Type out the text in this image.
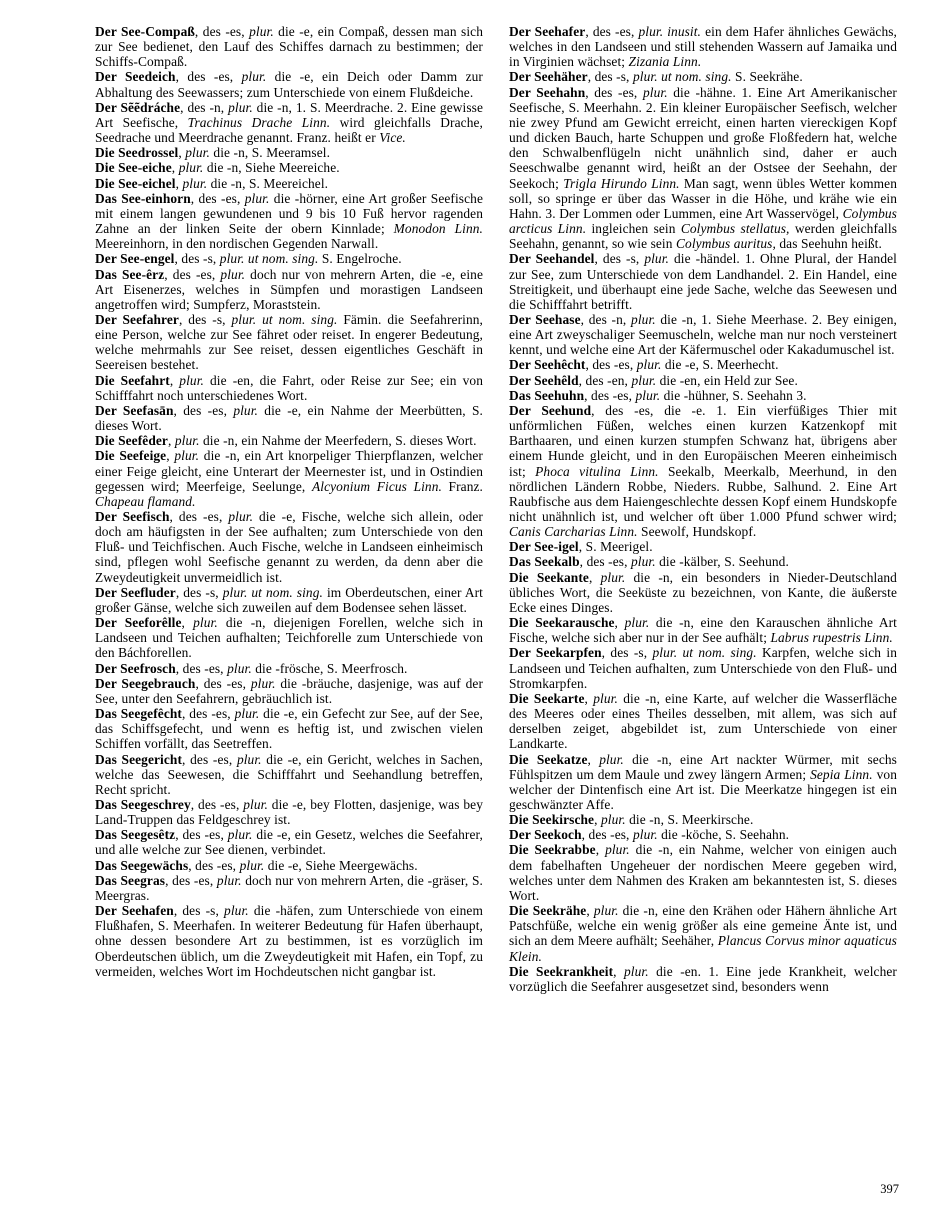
Der See-Compaß, des -es, plur. die -e, ein Compaß, dessen man sich zur See bedienet, den Lauf des Schiffes darnach zu bestimmen; der Schiffs-Compaß.

Der Seedeich, des -es, plur. die -e, ein Deich oder Damm zur Abhaltung des Seewassers; zum Unterschiede von einem Flußdeiche.

Der Sẽẽdráche, des -n, plur. die -n, 1. S. Meerdrache. 2. Eine gewisse Art Seefische, Trachinus Drache Linn. wird gleichfalls Drache, Seedrache und Meerdrache genannt. Franz. heißt er Vice.

Die Seedrossel, plur. die -n, S. Meeramsel.

Die See-eiche, plur. die -n, Siehe Meereiche.

Die See-eichel, plur. die -n, S. Meereichel.

Das See-einhorn, des -es, plur. die -hörner, eine Art großer Seefische mit einem langen gewundenen und 9 bis 10 Fuß hervor ragenden Zahne an der linken Seite der obern Kinnlade; Monodon Linn. Meereinhorn, in den nordischen Gegenden Narwall.

Der See-engel, des -s, plur. ut nom. sing. S. Engelroche.

Das See-êrz, des -es, plur. doch nur von mehrern Arten, die -e, eine Art Eisenerzes, welches in Sümpfen und morastigen Landseen angetroffen wird; Sumpferz, Moraststein.

Der Seefahrer, des -s, plur. ut nom. sing. Fämin. die Seefahrerinn, eine Person, welche zur See fähret oder reiset. In engerer Bedeutung, welche mehrmahls zur See reiset, dessen eigentliches Geschäft in Seereisen bestehet.

Die Seefahrt, plur. die -en, die Fahrt, oder Reise zur See; ein von Schifffahrt noch unterschiedenes Wort.

Der Seefasān, des -es, plur. die -e, ein Nahme der Meerbütten, S. dieses Wort.

Die Seefêder, plur. die -n, ein Nahme der Meerfedern, S. dieses Wort.

Die Seefeige, plur. die -n, ein Art knorpeliger Thierpflanzen, welcher einer Feige gleicht, eine Unterart der Meernester ist, und in Ostindien gegessen wird; Meerfeige, Seelunge, Alcyonium Ficus Linn. Franz. Chapeau flamand.

Der Seefisch, des -es, plur. die -e, Fische, welche sich allein, oder doch am häufigsten in der See aufhalten; zum Unterschiede von den Fluß- und Teichfischen. Auch Fische, welche in Landseen einheimisch sind, pflegen wohl Seefische genannt zu werden, da denn aber die Zweydeutigkeit unvermeidlich ist.

Der Seefluder, des -s, plur. ut nom. sing. im Oberdeutschen, einer Art großer Gänse, welche sich zuweilen auf dem Bodensee sehen lässet.

Der Seeforêlle, plur. die -n, diejenigen Forellen, welche sich in Landseen und Teichen aufhalten; Teichforelle zum Unterschiede von den Báchforellen.

Der Seefrosch, des -es, plur. die -frösche, S. Meerfrosch.

Der Seegebrauch, des -es, plur. die -bräuche, dasjenige, was auf der See, unter den Seefahrern, gebräuchlich ist.

Das Seegefêcht, des -es, plur. die -e, ein Gefecht zur See, auf der See, das Schiffsgefecht, und wenn es heftig ist, und zwischen vielen Schiffen vorfällt, das Seetreffen.

Das Seegericht, des -es, plur. die -e, ein Gericht, welches in Sachen, welche das Seewesen, die Schifffahrt und Seehandlung betreffen, Recht spricht.

Das Seegeschrey, des -es, plur. die -e, bey Flotten, dasjenige, was bey Land-Truppen das Feldgeschrey ist.

Das Seegesêtz, des -es, plur. die -e, ein Gesetz, welches die Seefahrer, und alle welche zur See dienen, verbindet.

Das Seegewächs, des -es, plur. die -e, Siehe Meergewächs.

Das Seegras, des -es, plur. doch nur von mehrern Arten, die -gräser, S. Meergras.

Der Seehafen, des -s, plur. die -häfen, zum Unterschiede von einem Flußhafen, S. Meerhafen. In weiterer Bedeutung für Hafen überhaupt, ohne dessen besondere Art zu bestimmen, ist es vorzüglich im Oberdeutschen üblich, um die Zweydeutigkeit mit Hafen, ein Topf, zu vermeiden, welches Wort im Hochdeutschen nicht gangbar ist.

Der Seehafer, des -es, plur. inusit. ein dem Hafer ähnliches Gewächs, welches in den Landseen und still stehenden Wassern auf Jamaika und in Virginien wächset; Zizania Linn.

Der Seehäher, des -s, plur. ut nom. sing. S. Seekrähe.

Der Seehahn, des -es, plur. die -hähne. 1. Eine Art Amerikanischer Seefische, S. Meerhahn. 2. Ein kleiner Europäischer Seefisch, welcher nie zwey Pfund am Gewicht erreicht, einen harten viereckigen Kopf und dicken Bauch, harte Schuppen und große Floßfedern hat, welche den Schwalbenflügeln nicht unähnlich sind, daher er auch Seeschwalbe genannt wird, heißt an der Ostsee der Seehahn, der Seekoch; Trigla Hirundo Linn. Man sagt, wenn übles Wetter kommen soll, so springe er über das Wasser in die Höhe, und krähe wie ein Hahn. 3. Der Lommen oder Lummen, eine Art Wasservögel, Colymbus arcticus Linn. ingleichen sein Colymbus stellatus, werden gleichfalls Seehahn, genannt, so wie sein Colymbus auritus, das Seehuhn heißt.

Der Seehandel, des -s, plur. die -händel. 1. Ohne Plural, der Handel zur See, zum Unterschiede von dem Landhandel. 2. Ein Handel, eine Streitigkeit, und überhaupt eine jede Sache, welche das Seewesen und die Schifffahrt betrifft.

Der Seehase, des -n, plur. die -n, 1. Siehe Meerhase. 2. Bey einigen, eine Art zweyschaliger Seemuscheln, welche man nur noch versteinert kennt, und welche eine Art der Käfermuschel oder Kakadumuschel ist.

Der Seehêcht, des -es, plur. die -e, S. Meerhecht.

Der Seehêld, des -en, plur. die -en, ein Held zur See.

Das Seehuhn, des -es, plur. die -hühner, S. Seehahn 3.

Der Seehund, des -es, die -e. 1. Ein vierfüßiges Thier mit unförmlichen Füßen, welches einen kurzen Katzenkopf mit Barthaaren, und einen kurzen stumpfen Schwanz hat, übrigens aber einem Hunde gleicht, und in den Europäischen Meeren einheimisch ist; Phoca vitulina Linn. Seekalb, Meerkalb, Meerhund, in den nördlichen Ländern Robbe, Nieders. Rubbe, Salhund. 2. Eine Art Raubfische aus dem Haiengeschlechte dessen Kopf einem Hundskopfe nicht unähnlich ist, und welcher oft über 1.000 Pfund schwer wird; Canis Carcharias Linn. Seewolf, Hundskopf.

Der See-igel, S. Meerigel.

Das Seekalb, des -es, plur. die -kälber, S. Seehund.

Die Seekante, plur. die -n, ein besonders in Nieder-Deutschland übliches Wort, die Seeküste zu bezeichnen, von Kante, die äußerste Ecke eines Dinges.

Die Seekarausche, plur. die -n, eine den Karauschen ähnliche Art Fische, welche sich aber nur in der See aufhält; Labrus rupestris Linn.

Der Seekarpfen, des -s, plur. ut nom. sing. Karpfen, welche sich in Landseen und Teichen aufhalten, zum Unterschiede von den Fluß- und Stromkarpfen.

Die Seekarte, plur. die -n, eine Karte, auf welcher die Wasserfläche des Meeres oder eines Theiles desselben, mit allem, was sich auf derselben zeiget, abgebildet ist, zum Unterschiede von einer Landkarte.

Die Seekatze, plur. die -n, eine Art nackter Würmer, mit sechs Fühlspitzen um dem Maule und zwey längern Armen; Sepia Linn. von welcher der Dintenfisch eine Art ist. Die Meerkatze hingegen ist ein geschwänzter Affe.

Die Seekirsche, plur. die -n, S. Meerkirsche.

Der Seekoch, des -es, plur. die -köche, S. Seehahn.

Die Seekrabbe, plur. die -n, ein Nahme, welcher von einigen auch dem fabelhaften Ungeheuer der nordischen Meere gegeben wird, welches unter dem Nahmen des Kraken am bekanntesten ist, S. dieses Wort.

Die Seekrähe, plur. die -n, eine den Krähen oder Hähern ähnliche Art Patschfüße, welche ein wenig größer als eine gemeine Änte ist, und sich an dem Meere aufhält; Seehäher, Plancus Corvus minor aquaticus Klein.

Die Seekrankheit, plur. die -en. 1. Eine jede Krankheit, welcher vorzüglich die Seefahrer ausgesetzet sind, besonders wenn

397
